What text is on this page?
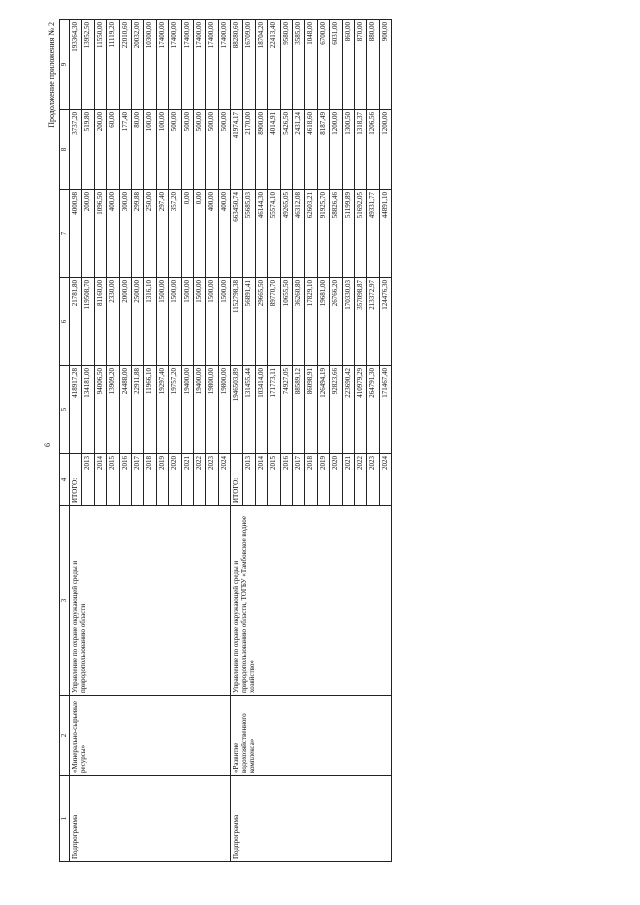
6
Продолжение приложения № 2
1	2	3	4	5	6	7	8	9
Подпрограмма	«Минерально-сырьевые ресурсы»	Управление по охране окружающей среды и природопользованию области	ИТОГО:	418917,28	21781,80	4000,98	3737,20	193364,30
			2013	134181,00	119508,70	200,00	519,80	13952,50
			2014	94006,50	81160,00	1096,50	200,00	11550,00
			2015	13909,20	2330,00	400,00	60,00	11119,20
			2016	24488,00	2000,00	300,00	177,40	22010,60
			2017	22911,88	2500,00	299,88	80,00	20032,00
			2018	11966,10	1316,10	250,00	100,00	10300,00
			2019	19297,40	1500,00	297,40	100,00	17400,00
			2020	19757,20	1500,00	357,20	500,00	17400,00
			2021	19400,00	1500,00	0,00	500,00	17400,00
			2022	19400,00	1500,00	0,00	500,00	17400,00
			2023	19800,00	1500,00	400,00	500,00	17400,00
			2024	19800,00	1500,00	400,00	500,00	17400,00
Подпрограмма	«Развитие водохозяйственного комплекса»	Управление по охране окружающей среды и природопользованию области, ТОГБУ «Тамбовское водное хозяйство»	ИТОГО:	1946503,89	1152798,38	663450,74	41974,17	88280,60
			2013	131455,44	56891,41	55685,03	2170,00	16709,00
			2014	103414,00	29665,50	46144,30	8900,00	18704,20
			2015	171773,11	89770,70	55574,10	4014,91	22413,40
			2016	74927,05	10655,50	49265,05	5426,50	9580,00
			2017	88589,12	36260,80	46312,08	2431,24	3585,00
			2018	86098,91	17829,10	62603,21	4618,60	1048,00
			2019	126494,19	19681,00	91925,70	8187,49	6700,00
			2020	92823,66	26766,20	58826,46	1200,00	6031,00
			2021	223690,42	170330,03	51199,89	1300,50	860,00
			2022	410979,29	357098,87	51692,05	1318,37	870,00
			2023	264791,30	213372,97	49331,77	1206,56	880,00
			2024	171467,40	124476,30	44891,10	1200,00	900,00
